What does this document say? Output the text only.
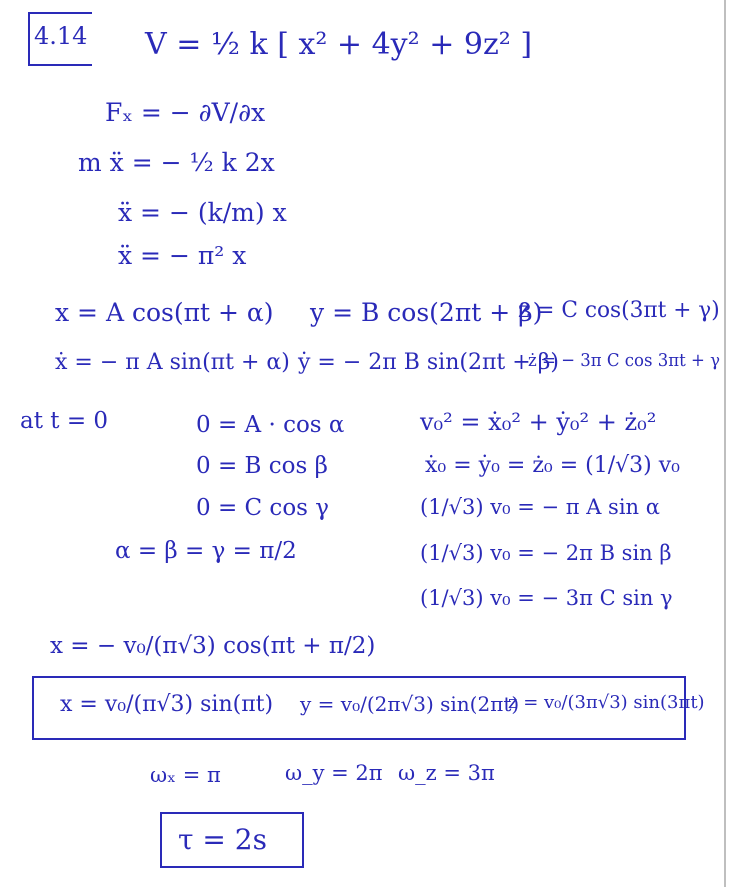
4.14 V = ½ k [ x² + 4y² + 9z² ]
Fₓ = − ∂V/∂x
m ẍ = − ½ k 2x
ẍ = − (k/m) x
ẍ = − π² x
x = A cos(πt + α) y = B cos(2πt + β)
z = C cos(3πt + γ)
ẋ = − π A sin(πt + α) ẏ = − 2π B sin(2πt + β)
ż = − 3π C cos 3πt + γ
at t = 0	0 = A · cos α
0 = B cos β
0 = C cos γ
α = β = γ = π/2
v₀² = ẋ₀² + ẏ₀² + ż₀²
ẋ₀ = ẏ₀ = ż₀ = (1/√3) v₀
(1/√3) v₀ = − π A sin α
(1/√3) v₀ = − 2π B sin β
(1/√3) v₀ = − 3π C sin γ
x = − v₀/(π√3) cos(πt + π/2)
x = v₀/(π√3) sin(πt) y = v₀/(2π√3) sin(2πt)
z = v₀/(3π√3) sin(3πt)
ωₓ = π	ω_y = 2π ω_z = 3π
τ = 2s
